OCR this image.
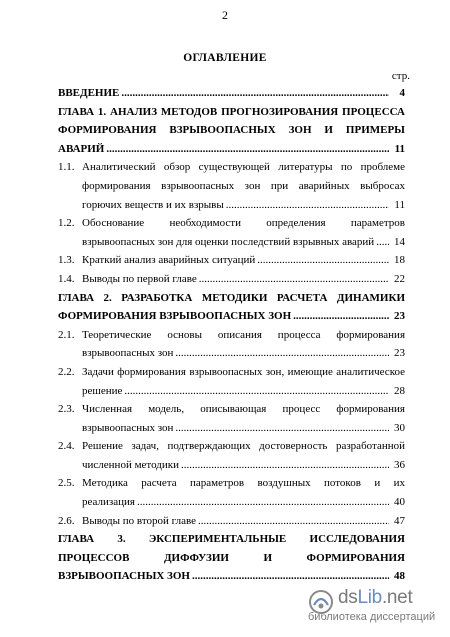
2
ОГЛАВЛЕНИЕ
стр.
ВВЕДЕНИЕ .....	4
ГЛАВА 1. АНАЛИЗ МЕТОДОВ ПРОГНОЗИРОВАНИЯ ПРОЦЕССА
ФОРМИРОВАНИЯ ВЗРЫВООПАСНЫХ ЗОН И ПРИМЕРЫ
АВАРИЙ .....	11
1.1. Аналитический обзор существующей литературы по проблеме
формирования взрывоопасных зон при аварийных выбросах
горючих веществ и их взрывы .....	11
1.2. Обоснование необходимости определения параметров
взрывоопасных зон для оценки последствий взрывных аварий ..... 14
1.3. Краткий анализ аварийных ситуаций .....	18
1.4. Выводы по первой главе .....	22
ГЛАВА 2. РАЗРАБОТКА МЕТОДИКИ РАСЧЕТА ДИНАМИКИ
ФОРМИРОВАНИЯ ВЗРЫВООПАСНЫХ ЗОН .....	23
2.1. Теоретические основы описания процесса формирования
взрывоопасных зон .....	23
2.2. Задачи формирования взрывоопасных зон, имеющие аналитическое
решение .....	28
2.3. Численная модель, описывающая процесс формирования
взрывоопасных зон .....	30
2.4. Решение задач, подтверждающих достоверность разработанной
численной методики .....	36
2.5. Методика расчета параметров воздушных потоков и их
реализация .....	40
2.6. Выводы по второй главе .....	47
ГЛАВА 3. ЭКСПЕРИМЕНТАЛЬНЫЕ ИССЛЕДОВАНИЯ
ПРОЦЕССОВ ДИФФУЗИИ И ФОРМИРОВАНИЯ
ВЗРЫВООПАСНЫХ ЗОН .....	48
dsLib.net
библиотека диссертаций
